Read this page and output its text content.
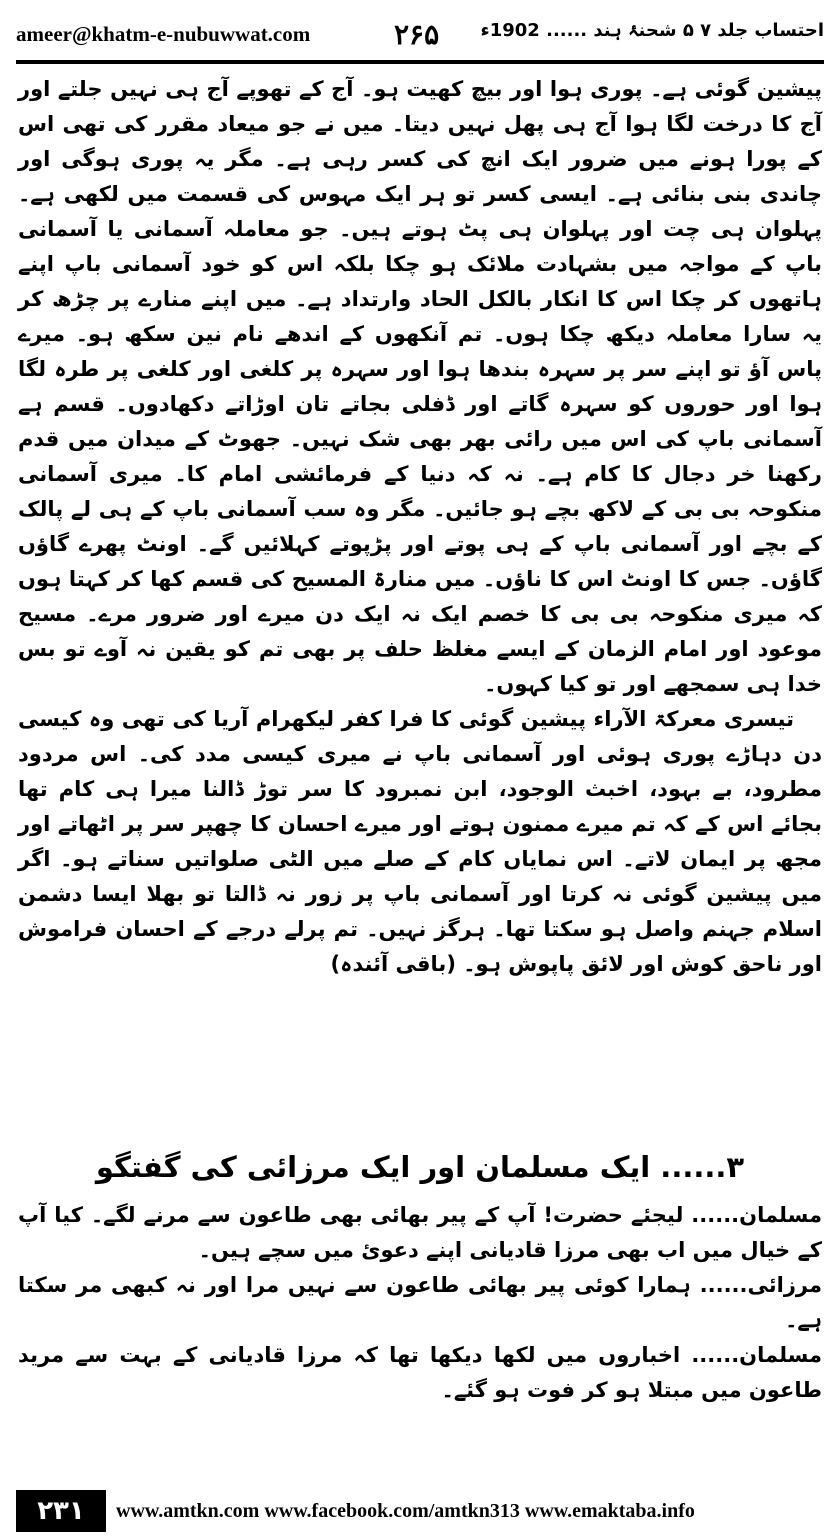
ameer@khatm-e-nubuwwat.com	۲۶۵ احتساب جلد ۷ ۵ شحنۂ ہند ...... 1902ء

پیشین گوئی ہے۔ پوری ہوا اور بیچ کھیت ہو۔ آج کے تھوپے آج ہی نہیں جلتے اور آج کا درخت لگا ہوا آج ہی پھل نہیں دیتا۔ میں نے جو میعاد مقرر کی تھی اس کے پورا ہونے میں ضرور ایک انچ کی کسر رہی ہے۔ مگر یہ پوری ہوگی اور چاندی بنی بنائی ہے۔ ایسی کسر تو ہر ایک مہوس کی قسمت میں لکھی ہے۔ پہلوان ہی چت اور پہلوان ہی پٹ ہوتے ہیں۔ جو معاملہ آسمانی یا آسمانی باپ کے مواجہ میں بشہادت ملائک ہو چکا بلکہ اس کو خود آسمانی باپ اپنے ہاتھوں کر چکا اس کا انکار بالکل الحاد وارتداد ہے۔ میں اپنے منارے پر چڑھ کر یہ سارا معاملہ دیکھ چکا ہوں۔ تم آنکھوں کے اندھے نام نین سکھ ہو۔ میرے پاس آؤ تو اپنے سر پر سہرہ بندھا ہوا اور سہرہ پر کلغی اور کلغی پر طرہ لگا ہوا اور حوروں کو سہرہ گاتے اور ڈفلی بجاتے تان اوڑاتے دکھادوں۔ قسم ہے آسمانی باپ کی اس میں رائی بھر بھی شک نہیں۔ جھوٹ کے میدان میں قدم رکھنا خر دجال کا کام ہے۔ نہ کہ دنیا کے فرمائشی امام کا۔ میری آسمانی منکوحہ بی بی کے لاکھ بچے ہو جائیں۔ مگر وہ سب آسمانی باپ کے ہی لے پالک کے بچے اور آسمانی باپ کے ہی پوتے اور پڑپوتے کہلائیں گے۔ اونٹ پھرے گاؤں گاؤں۔ جس کا اونٹ اس کا ناؤں۔ میں منارۃ المسیح کی قسم کھا کر کہتا ہوں کہ میری منکوحہ بی بی کا خصم ایک نہ ایک دن میرے اور ضرور مرے۔ مسیح موعود اور امام الزمان کے ایسے مغلظ حلف پر بھی تم کو یقین نہ آوے تو بس خدا ہی سمجھے اور تو کیا کہوں۔

تیسری معرکۃ الآراء پیشین گوئی کا فرا کفر لیکھرام آریا کی تھی وہ کیسی دن دہاڑے پوری ہوئی اور آسمانی باپ نے میری کیسی مدد کی۔ اس مردود مطرود، بے بہود، اخبث الوجود، ابن نمبرود کا سر توڑ ڈالنا میرا ہی کام تھا بجائے اس کے کہ تم میرے ممنون ہوتے اور میرے احسان کا چھپر سر پر اٹھاتے اور مجھ پر ایمان لاتے۔ اس نمایاں کام کے صلے میں الٹی صلواتیں سناتے ہو۔ اگر میں پیشین گوئی نہ کرتا اور آسمانی باپ پر زور نہ ڈالتا تو بھلا ایسا دشمن اسلام جہنم واصل ہو سکتا تھا۔ ہرگز نہیں۔ تم پرلے درجے کے احسان فراموش اور ناحق کوش اور لائق پاپوش ہو۔ (باقی آئندہ)

۳...... ایک مسلمان اور ایک مرزائی کی گفتگو

مسلمان...... لیجئے حضرت! آپ کے پیر بھائی بھی طاعون سے مرنے لگے۔ کیا آپ کے خیال میں اب بھی مرزا قادیانی اپنے دعوئ میں سچے ہیں۔

مرزائی...... ہمارا کوئی پیر بھائی طاعون سے نہیں مرا اور نہ کبھی مر سکتا ہے۔

مسلمان...... اخباروں میں لکھا دیکھا تھا کہ مرزا قادیانی کے بہت سے مرید طاعون میں مبتلا ہو کر فوت ہو گئے۔

۲۳۱	www.amtkn.com www.facebook.com/amtkn313 www.emaktaba.info
